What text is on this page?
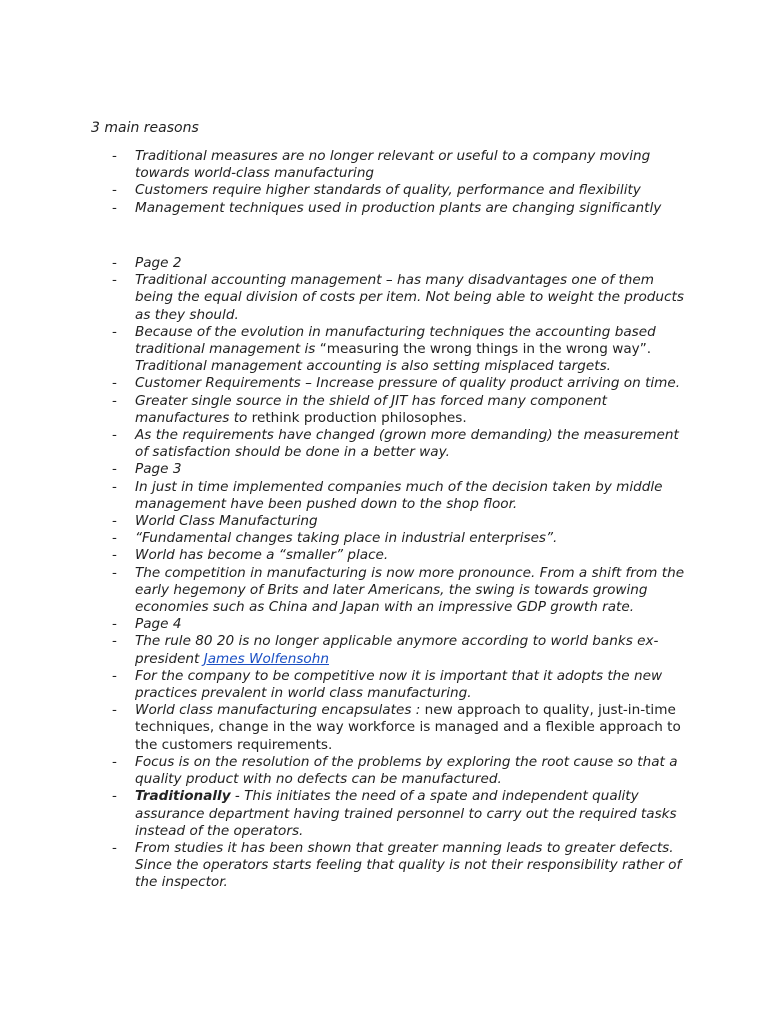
3 main reasons
- Traditional measures are no longer relevant or useful to a company moving towards world-class manufacturing
- Customers require higher standards of quality, performance and flexibility
- Management techniques used in production plants are changing significantly
- Page 2
- Traditional accounting management – has many disadvantages one of them being the equal division of costs per item. Not being able to weight the products as they should.
- Because of the evolution in manufacturing techniques the accounting based traditional management is “measuring the wrong things in the wrong way”. Traditional management accounting is also setting misplaced targets.
- Customer Requirements – Increase pressure of quality product arriving on time.
- Greater single source in the shield of JIT has forced many component manufactures to rethink production philosophes.
- As the requirements have changed (grown more demanding) the measurement of satisfaction should be done in a better way.
- Page 3
- In just in time implemented companies much of the decision taken by middle management have been pushed down to the shop floor.
- World Class Manufacturing
- “Fundamental changes taking place in industrial enterprises”.
- World has become a “smaller” place.
- The competition in manufacturing is now more pronounce. From a shift from the early hegemony of Brits and later Americans, the swing is towards growing economies such as China and Japan with an impressive GDP growth rate.
- Page 4
- The rule 80 20 is no longer applicable anymore according to world banks ex-president James Wolfensohn
- For the company to be competitive now it is important that it adopts the new practices prevalent in world class manufacturing.
- World class manufacturing encapsulates : new approach to quality, just-in-time techniques, change in the way workforce is managed and a flexible approach to the customers requirements.
- Focus is on the resolution of the problems by exploring the root cause so that a quality product with no defects can be manufactured.
- Traditionally - This initiates the need of a spate and independent quality assurance department having trained personnel to carry out the required tasks instead of the operators.
- From studies it has been shown that greater manning leads to greater defects. Since the operators starts feeling that quality is not their responsibility rather of the inspector.
